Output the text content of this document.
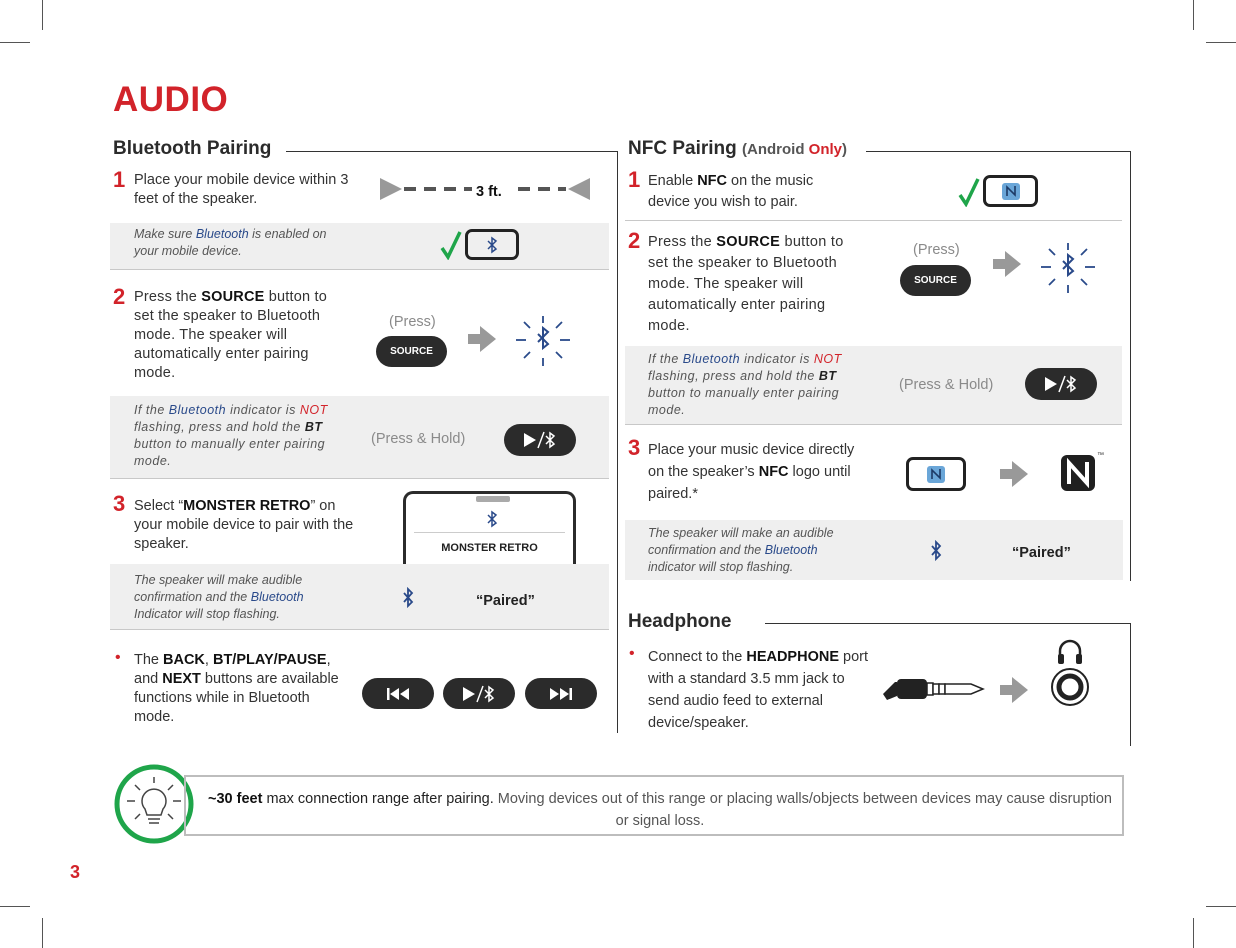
AUDIO
Bluetooth Pairing
1 Place your mobile device within 3 feet of the speaker.	3 ft.
Make sure Bluetooth is enabled on your mobile device.
2 Press the SOURCE button to set the speaker to Bluetooth mode. The speaker will automatically enter pairing mode.
(Press)
SOURCE
If the Bluetooth indicator is NOT flashing, press and hold the BT button to manually enter pairing mode.
(Press & Hold)
3 Select “MONSTER RETRO” on your mobile device to pair with the speaker.	MONSTER RETRO
The speaker will make audible confirmation and the Bluetooth Indicator will stop flashing.
“Paired”
• The BACK, BT/PLAY/PAUSE, and NEXT buttons are available functions while in Bluetooth mode.
NFC Pairing (Android Only)
1 Enable NFC on the music device you wish to pair.
2 Press the SOURCE button to set the speaker to Bluetooth mode. The speaker will automatically enter pairing mode.
(Press)
SOURCE
If the Bluetooth indicator is NOT flashing, press and hold the BT button to manually enter pairing mode.
(Press & Hold)
3 Place your music device directly on the speaker’s NFC logo until paired.*
™
The speaker will make an audible confirmation and the Bluetooth indicator will stop flashing.
“Paired”
Headphone
• Connect to the HEADPHONE port with a standard 3.5 mm jack to send audio feed to external device/speaker.
~30 feet max connection range after pairing. Moving devices out of this range or placing walls/objects between devices may cause disruption or signal loss.
3
